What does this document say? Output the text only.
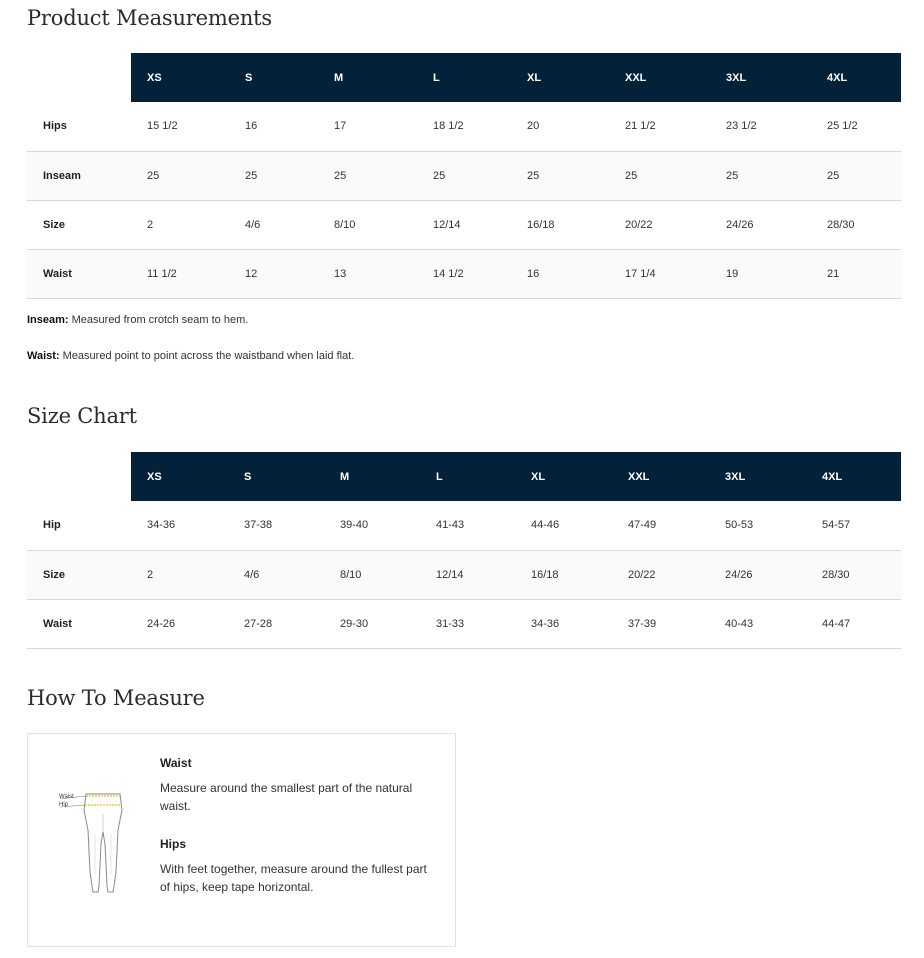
Product Measurements
	XS	S	M	L	XL	XXL	3XL	4XL
Hips	15 1/2	16	17	18 1/2	20	21 1/2	23 1/2	25 1/2
Inseam	25	25	25	25	25	25	25	25
Size	2	4/6	8/10	12/14	16/18	20/22	24/26	28/30
Waist	11 1/2	12	13	14 1/2	16	17 1/4	19	21

Inseam: Measured from crotch seam to hem.

Waist: Measured point to point across the waistband when laid flat.

Size Chart
	XS	S	M	L	XL	XXL	3XL	4XL
Hip	34-36	37-38	39-40	41-43	44-46	47-49	50-53	54-57
Size	2	4/6	8/10	12/14	16/18	20/22	24/26	28/30
Waist	24-26	27-28	29-30	31-33	34-36	37-39	40-43	44-47
How To Measure
Waist
Hip

Waist

Measure around the smallest part of the natural waist.

Hips

With feet together, measure around the fullest part of hips, keep tape horizontal.
